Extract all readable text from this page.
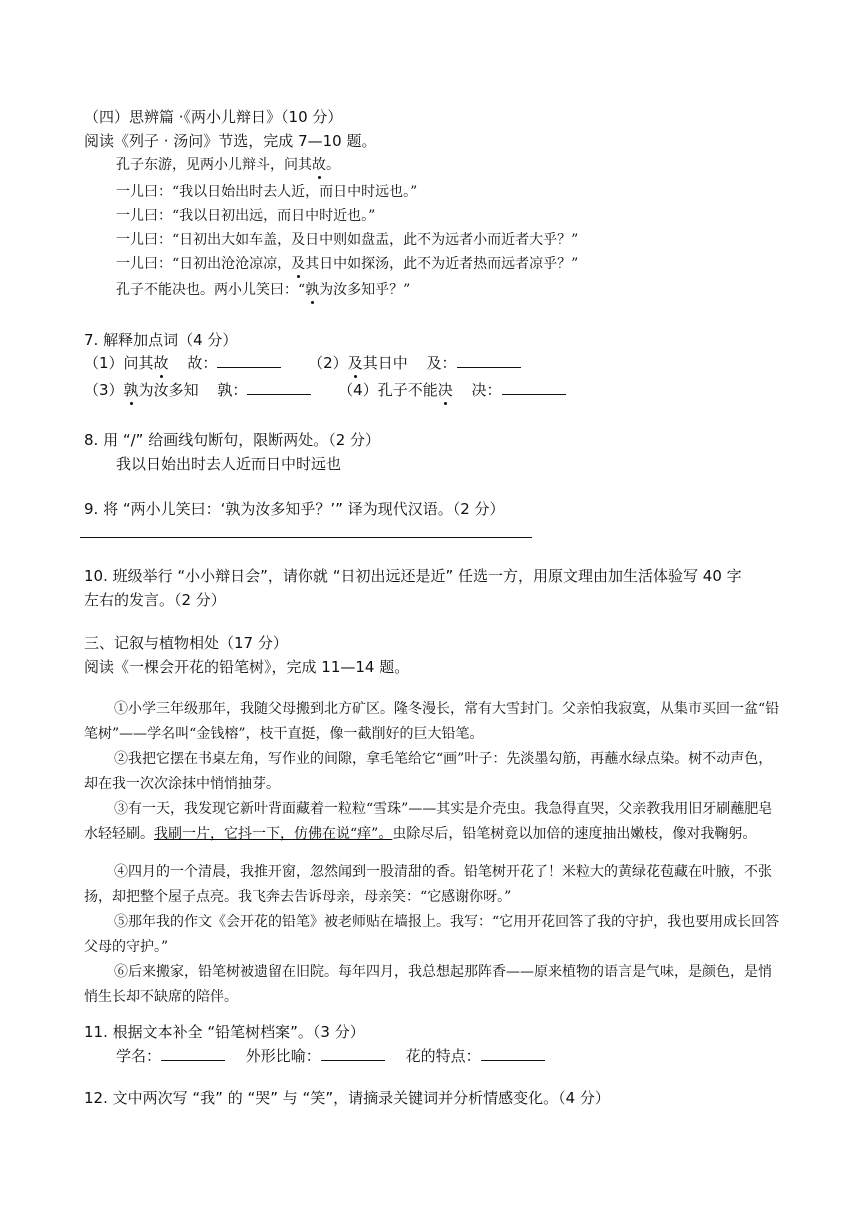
（四）思辨篇 ·《两小儿辩日》（10 分）
阅读《列子 · 汤问》节选，完成 7—10 题。
孔子东游，见两小儿辩斗，问其故。
一儿曰：“我以日始出时去人近，而日中时远也。”
一儿曰：“我以日初出远，而日中时近也。”
一儿曰：“日初出大如车盖，及日中则如盘盂，此不为远者小而近者大乎？”
一儿曰：“日初出沧沧凉凉，及其日中如探汤，此不为近者热而远者凉乎？”
孔子不能决也。两小儿笑曰：“孰为汝多知乎？”
7. 解释加点词（4 分）
（1）问其故 故：	（2）及其日中 及：
（3）孰为汝多知 孰：	（4）孔子不能决 决：
8. 用 “/” 给画线句断句，限断两处。（2 分）
我以日始出时去人近而日中时远也
9. 将 “两小儿笑曰：‘孰为汝多知乎？’” 译为现代汉语。（2 分）
10. 班级举行 “小小辩日会”，请你就 “日初出远还是近” 任选一方，用原文理由加生活体验写 40 字
左右的发言。（2 分）
三、记叙与植物相处（17 分）
阅读《一棵会开花的铅笔树》，完成 11—14 题。
①小学三年级那年，我随父母搬到北方矿区。隆冬漫长，常有大雪封门。父亲怕我寂寞，从集市买回一盆“铅笔树”——学名叫“金钱榕”，枝干直挺，像一截削好的巨大铅笔。
②我把它摆在书桌左角，写作业的间隙，拿毛笔给它“画”叶子：先淡墨勾筋，再蘸水绿点染。树不动声色，却在我一次次涂抹中悄悄抽芽。
③有一天，我发现它新叶背面藏着一粒粒“雪珠”——其实是介壳虫。我急得直哭，父亲教我用旧牙刷蘸肥皂水轻轻刷。我刷一片，它抖一下，仿佛在说“痒”。虫除尽后，铅笔树竟以加倍的速度抽出嫩枝，像对我鞠躬。
④四月的一个清晨，我推开窗，忽然闻到一股清甜的香。铅笔树开花了！米粒大的黄绿花苞藏在叶腋，不张扬，却把整个屋子点亮。我飞奔去告诉母亲，母亲笑：“它感谢你呀。”
⑤那年我的作文《会开花的铅笔》被老师贴在墙报上。我写：“它用开花回答了我的守护，我也要用成长回答父母的守护。”
⑥后来搬家，铅笔树被遗留在旧院。每年四月，我总想起那阵香——原来植物的语言是气味，是颜色，是悄悄生长却不缺席的陪伴。
11. 根据文本补全 “铅笔树档案”。（3 分）
学名：	外形比喻：	花的特点：
12. 文中两次写 “我” 的 “哭” 与 “笑”，请摘录关键词并分析情感变化。（4 分）
